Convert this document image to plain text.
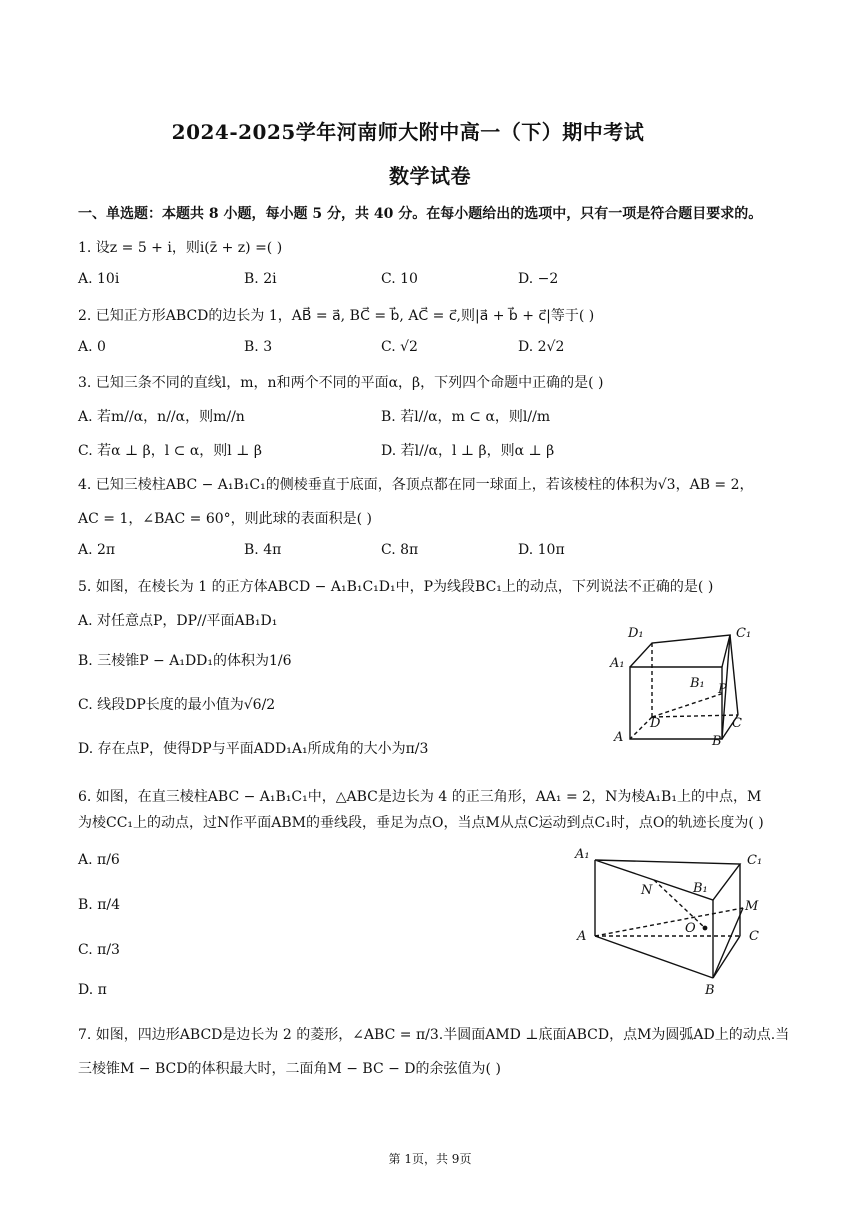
2024-2025学年河南师大附中高一（下）期中考试
数学试卷
一、单选题：本题共 8 小题，每小题 5 分，共 40 分。在每小题给出的选项中，只有一项是符合题目要求的。
1. 设z = 5 + i，则i(z̄ + z) =( )
A. 10i	B. 2i	C. 10	D. −2
2. 已知正方形ABCD的边长为 1，AB⃗ = a⃗, BC⃗ = b⃗, AC⃗ = c⃗,则|a⃗ + b⃗ + c⃗|等于( )
A. 0	B. 3	C. √2	D. 2√2
3. 已知三条不同的直线l，m，n和两个不同的平面α，β，下列四个命题中正确的是( )
A. 若m//α，n//α，则m//n	B. 若l//α，m ⊂ α，则l//m
C. 若α ⊥ β，l ⊂ α，则l ⊥ β	D. 若l//α，l ⊥ β，则α ⊥ β
4. 已知三棱柱ABC − A₁B₁C₁的侧棱垂直于底面，各顶点都在同一球面上，若该棱柱的体积为√3，AB = 2，
AC = 1，∠BAC = 60°，则此球的表面积是( )
A. 2π	B. 4π	C. 8π	D. 10π
5. 如图，在棱长为 1 的正方体ABCD − A₁B₁C₁D₁中，P为线段BC₁上的动点，下列说法不正确的是( )
A. 对任意点P，DP//平面AB₁D₁
B. 三棱锥P − A₁DD₁的体积为1/6
C. 线段DP长度的最小值为√6/2
D. 存在点P，使得DP与平面ADD₁A₁所成角的大小为π/3
D₁	C₁
A₁
B₁ P
D	C
A	B
6. 如图，在直三棱柱ABC − A₁B₁C₁中，△ABC是边长为 4 的正三角形，AA₁ = 2，N为棱A₁B₁上的中点，M
为棱CC₁上的动点，过N作平面ABM的垂线段，垂足为点O，当点M从点C运动到点C₁时，点O的轨迹长度为( )
A. π/6
B. π/4
C. π/3
D. π
A₁	C₁
N	B₁
M
O
A	C
B
7. 如图，四边形ABCD是边长为 2 的菱形，∠ABC = π/3.半圆面AMD ⊥底面ABCD，点M为圆弧AD上的动点.当
三棱锥M − BCD的体积最大时，二面角M − BC − D的余弦值为( )
第 1页，共 9页
